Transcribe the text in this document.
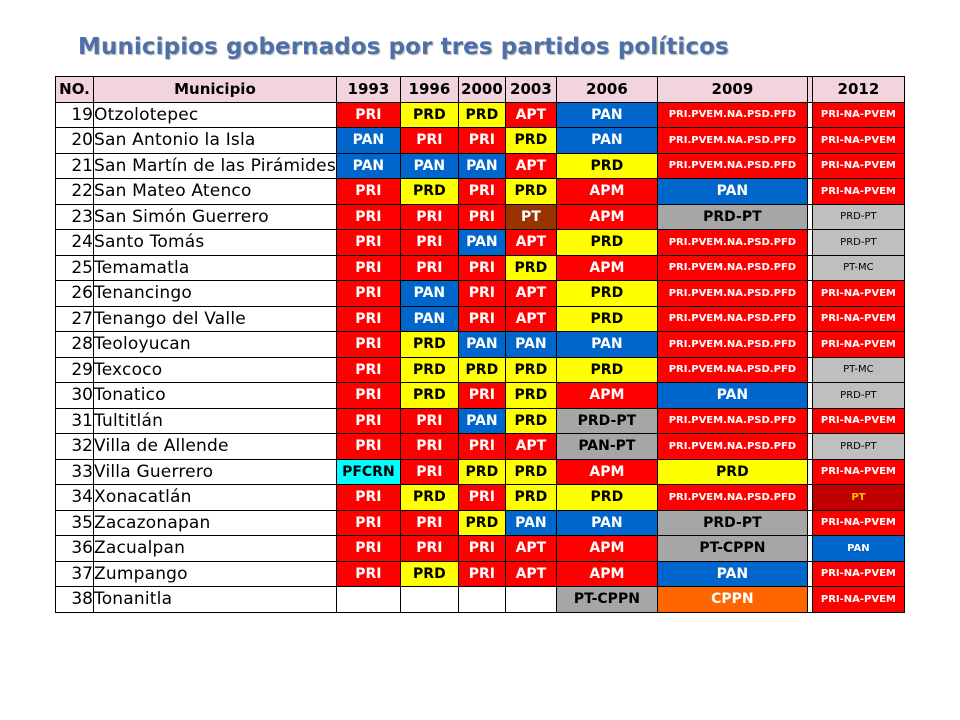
Municipios gobernados por tres partidos políticos
NO.	Municipio	1993	1996	2000	2003	2006	2009		2012
19	Otzolotepec	PRI	PRD	PRD	APT	PAN	PRI.PVEM.NA.PSD.PFD		PRI-NA-PVEM
20	San Antonio la Isla	PAN	PRI	PRI	PRD	PAN	PRI.PVEM.NA.PSD.PFD		PRI-NA-PVEM
21	San Martín de las Pirámides	PAN	PAN	PAN	APT	PRD	PRI.PVEM.NA.PSD.PFD		PRI-NA-PVEM
22	San Mateo Atenco	PRI	PRD	PRI	PRD	APM	PAN		PRI-NA-PVEM
23	San Simón Guerrero	PRI	PRI	PRI	PT	APM	PRD-PT		PRD-PT
24	Santo Tomás	PRI	PRI	PAN	APT	PRD	PRI.PVEM.NA.PSD.PFD		PRD-PT
25	Temamatla	PRI	PRI	PRI	PRD	APM	PRI.PVEM.NA.PSD.PFD		PT-MC
26	Tenancingo	PRI	PAN	PRI	APT	PRD	PRI.PVEM.NA.PSD.PFD		PRI-NA-PVEM
27	Tenango del Valle	PRI	PAN	PRI	APT	PRD	PRI.PVEM.NA.PSD.PFD		PRI-NA-PVEM
28	Teoloyucan	PRI	PRD	PAN	PAN	PAN	PRI.PVEM.NA.PSD.PFD		PRI-NA-PVEM
29	Texcoco	PRI	PRD	PRD	PRD	PRD	PRI.PVEM.NA.PSD.PFD		PT-MC
30	Tonatico	PRI	PRD	PRI	PRD	APM	PAN		PRD-PT
31	Tultitlán	PRI	PRI	PAN	PRD	PRD-PT	PRI.PVEM.NA.PSD.PFD		PRI-NA-PVEM
32	Villa de Allende	PRI	PRI	PRI	APT	PAN-PT	PRI.PVEM.NA.PSD.PFD		PRD-PT
33	Villa Guerrero	PFCRN	PRI	PRD	PRD	APM	PRD		PRI-NA-PVEM
34	Xonacatlán	PRI	PRD	PRI	PRD	PRD	PRI.PVEM.NA.PSD.PFD		PT
35	Zacazonapan	PRI	PRI	PRD	PAN	PAN	PRD-PT		PRI-NA-PVEM
36	Zacualpan	PRI	PRI	PRI	APT	APM	PT-CPPN		PAN
37	Zumpango	PRI	PRD	PRI	APT	APM	PAN		PRI-NA-PVEM
38	Tonanitla					PT-CPPN	CPPN		PRI-NA-PVEM
